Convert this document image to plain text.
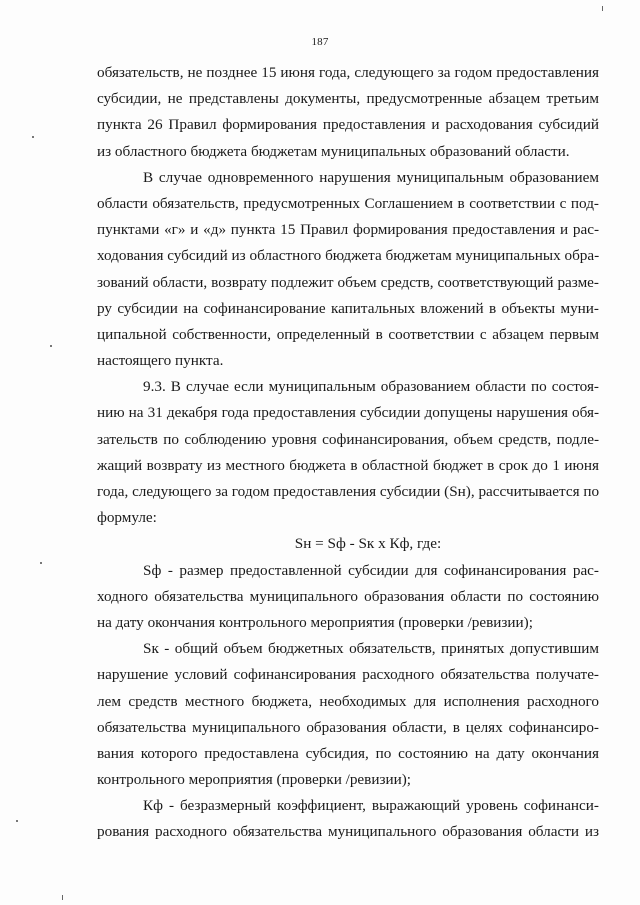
187
обязательств, не позднее 15 июня года, следующего за годом предоставления
субсидии, не представлены документы, предусмотренные абзацем третьим
пункта 26 Правил формирования предоставления и расходования субсидий
из областного бюджета бюджетам муниципальных образований области.
В случае одновременного нарушения муниципальным образованием
области обязательств, предусмотренных Соглашением в соответствии с под-
пунктами «г» и «д» пункта 15 Правил формирования предоставления и рас-
ходования субсидий из областного бюджета бюджетам муниципальных обра-
зований области, возврату подлежит объем средств, соответствующий разме-
ру субсидии на софинансирование капитальных вложений в объекты муни-
ципальной собственности, определенный в соответствии с абзацем первым
настоящего пункта.
9.3. В случае если муниципальным образованием области по состоя-
нию на 31 декабря года предоставления субсидии допущены нарушения обя-
зательств по соблюдению уровня софинансирования, объем средств, подле-
жащий возврату из местного бюджета в областной бюджет в срок до 1 июня
года, следующего за годом предоставления субсидии (Sн), рассчитывается по
формуле:
Sн = Sф - Sк х Кф, где:
Sф - размер предоставленной субсидии для софинансирования рас-
ходного обязательства муниципального образования области по состоянию
на дату окончания контрольного мероприятия (проверки /ревизии);
Sк - общий объем бюджетных обязательств, принятых допустившим
нарушение условий софинансирования расходного обязательства получате-
лем средств местного бюджета, необходимых для исполнения расходного
обязательства муниципального образования области, в целях софинансиро-
вания которого предоставлена субсидия, по состоянию на дату окончания
контрольного мероприятия (проверки /ревизии);
Кф - безразмерный коэффициент, выражающий уровень софинанси-
рования расходного обязательства муниципального образования области из
